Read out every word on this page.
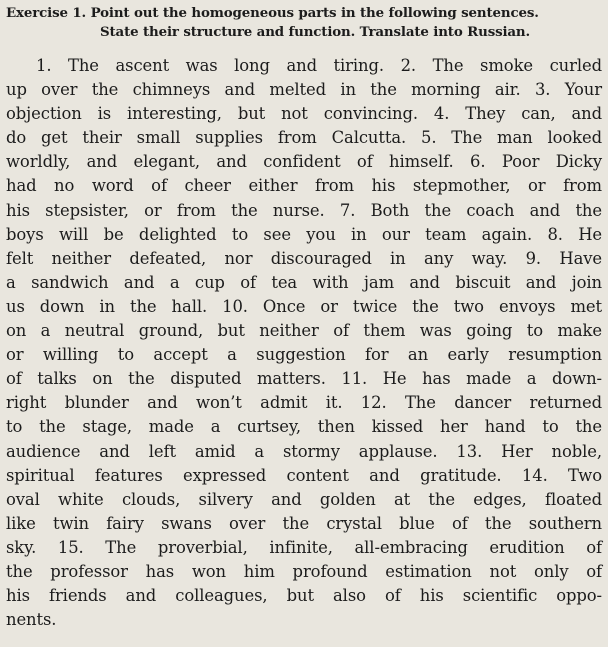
Exercise 1. Point out the homogeneous parts in the following sentences.
State their structure and function. Translate into Russian.
1. The ascent was long and tiring. 2. The smoke curled
up over the chimneys and melted in the morning air. 3. Your
objection is interesting, but not convincing. 4. They can, and
do get their small supplies from Calcutta. 5. The man looked
worldly, and elegant, and confident of himself. 6. Poor Dicky
had no word of cheer either from his stepmother, or from
his stepsister, or from the nurse. 7. Both the coach and the
boys will be delighted to see you in our team again. 8. He
felt neither defeated, nor discouraged in any way. 9. Have
a sandwich and a cup of tea with jam and biscuit and join
us down in the hall. 10. Once or twice the two envoys met
on a neutral ground, but neither of them was going to make
or willing to accept a suggestion for an early resumption
of talks on the disputed matters. 11. He has made a down-
right blunder and won’t admit it. 12. The dancer returned
to the stage, made a curtsey, then kissed her hand to the
audience and left amid a stormy applause. 13. Her noble,
spiritual features expressed content and gratitude. 14. Two
oval white clouds, silvery and golden at the edges, floated
like twin fairy swans over the crystal blue of the southern
sky. 15. The proverbial, infinite, all-embracing erudition of
the professor has won him profound estimation not only of
his friends and colleagues, but also of his scientific oppo-
nents.
